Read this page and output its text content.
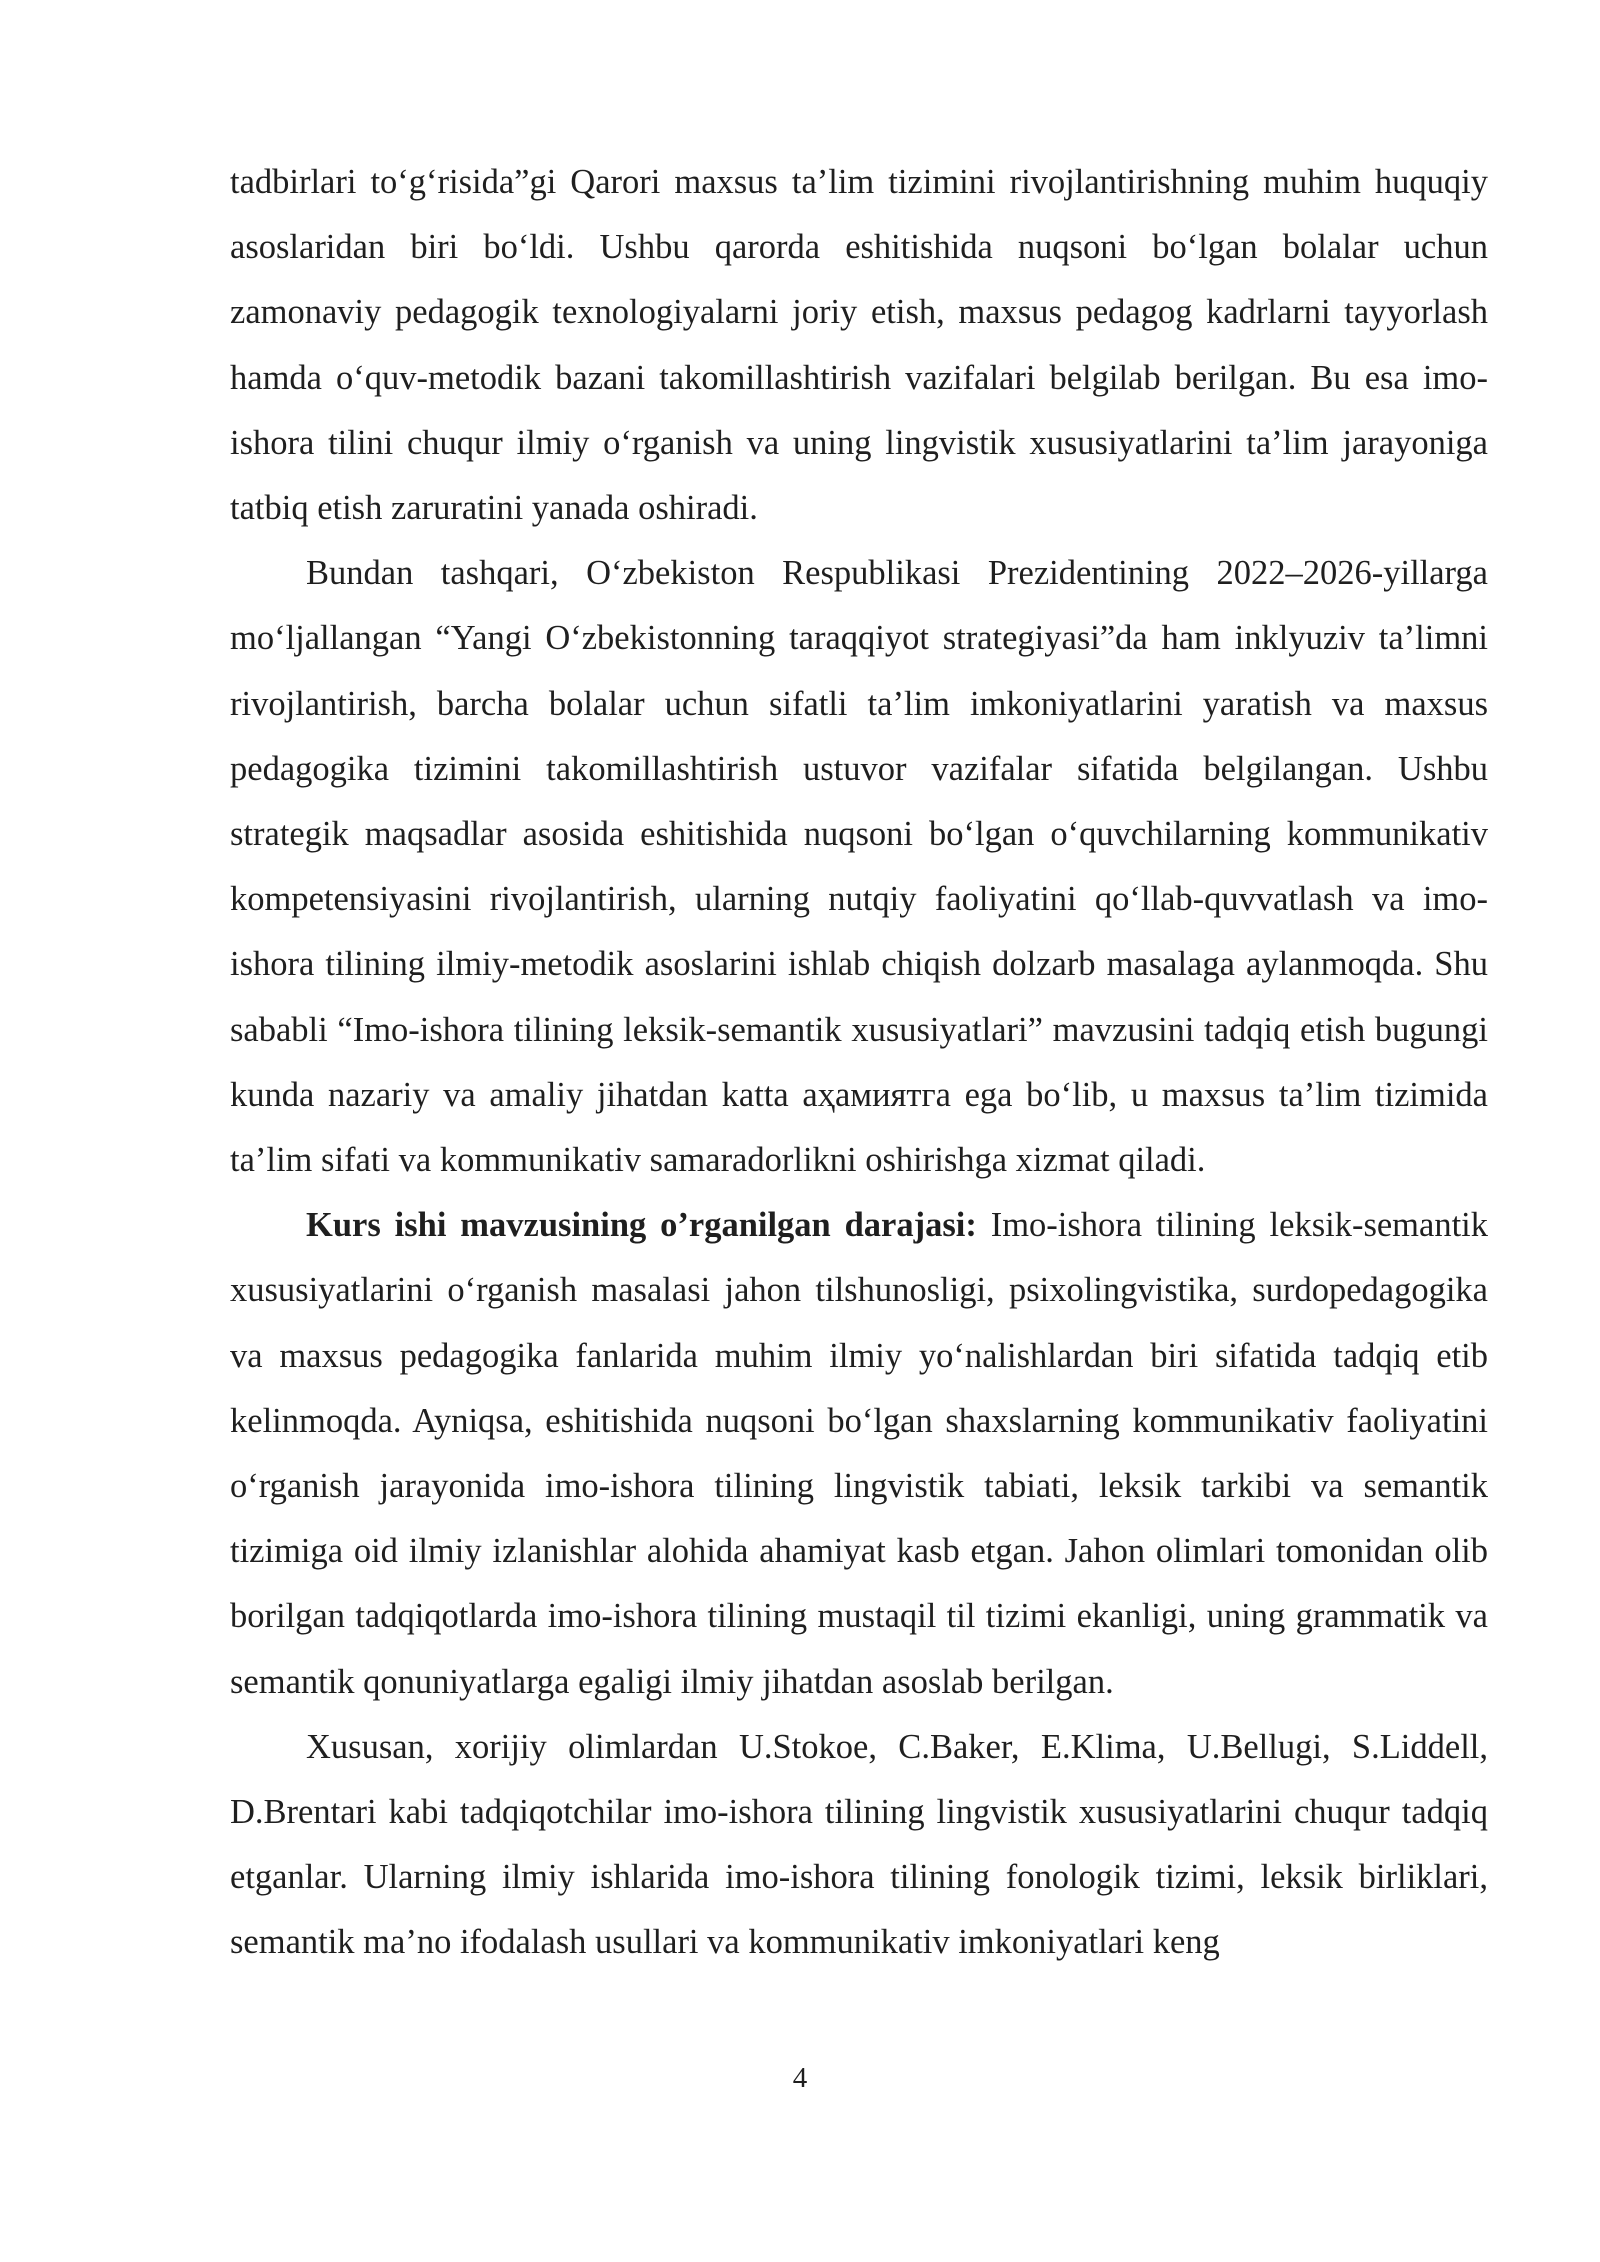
tadbirlari to‘g‘risida”gi Qarori maxsus ta’lim tizimini rivojlantirishning muhim huquqiy asoslaridan biri bo‘ldi. Ushbu qarorda eshitishida nuqsoni bo‘lgan bolalar uchun zamonaviy pedagogik texnologiyalarni joriy etish, maxsus pedagog kadrlarni tayyorlash hamda o‘quv-metodik bazani takomillashtirish vazifalari belgilab berilgan. Bu esa imo-ishora tilini chuqur ilmiy o‘rganish va uning lingvistik xususiyatlarini ta’lim jarayoniga tatbiq etish zaruratini yanada oshiradi.

Bundan tashqari, O‘zbekiston Respublikasi Prezidentining 2022–2026-yillarga mo‘ljallangan “Yangi O‘zbekistonning taraqqiyot strategiyasi”da ham inklyuziv ta’limni rivojlantirish, barcha bolalar uchun sifatli ta’lim imkoniyatlarini yaratish va maxsus pedagogika tizimini takomillashtirish ustuvor vazifalar sifatida belgilangan. Ushbu strategik maqsadlar asosida eshitishida nuqsoni bo‘lgan o‘quvchilarning kommunikativ kompetensiyasini rivojlantirish, ularning nutqiy faoliyatini qo‘llab-quvvatlash va imo-ishora tilining ilmiy-metodik asoslarini ishlab chiqish dolzarb masalaga aylanmoqda. Shu sababli “Imo-ishora tilining leksik-semantik xususiyatlari” mavzusini tadqiq etish bugungi kunda nazariy va amaliy jihatdan katta aҳамиятга ega bo‘lib, u maxsus ta’lim tizimida ta’lim sifati va kommunikativ samaradorlikni oshirishga xizmat qiladi.

Kurs ishi mavzusining o’rganilgan darajasi: Imo-ishora tilining leksik-semantik xususiyatlarini o‘rganish masalasi jahon tilshunosligi, psixolingvistika, surdopedagogika va maxsus pedagogika fanlarida muhim ilmiy yo‘nalishlardan biri sifatida tadqiq etib kelinmoqda. Ayniqsa, eshitishida nuqsoni bo‘lgan shaxslarning kommunikativ faoliyatini o‘rganish jarayonida imo-ishora tilining lingvistik tabiati, leksik tarkibi va semantik tizimiga oid ilmiy izlanishlar alohida ahamiyat kasb etgan. Jahon olimlari tomonidan olib borilgan tadqiqotlarda imo-ishora tilining mustaqil til tizimi ekanligi, uning grammatik va semantik qonuniyatlarga egaligi ilmiy jihatdan asoslab berilgan.

Xususan, xorijiy olimlardan U.Stokoe, C.Baker, E.Klima, U.Bellugi, S.Liddell, D.Brentari kabi tadqiqotchilar imo-ishora tilining lingvistik xususiyatlarini chuqur tadqiq etganlar. Ularning ilmiy ishlarida imo-ishora tilining fonologik tizimi, leksik birliklari, semantik ma’no ifodalash usullari va kommunikativ imkoniyatlari keng

4
